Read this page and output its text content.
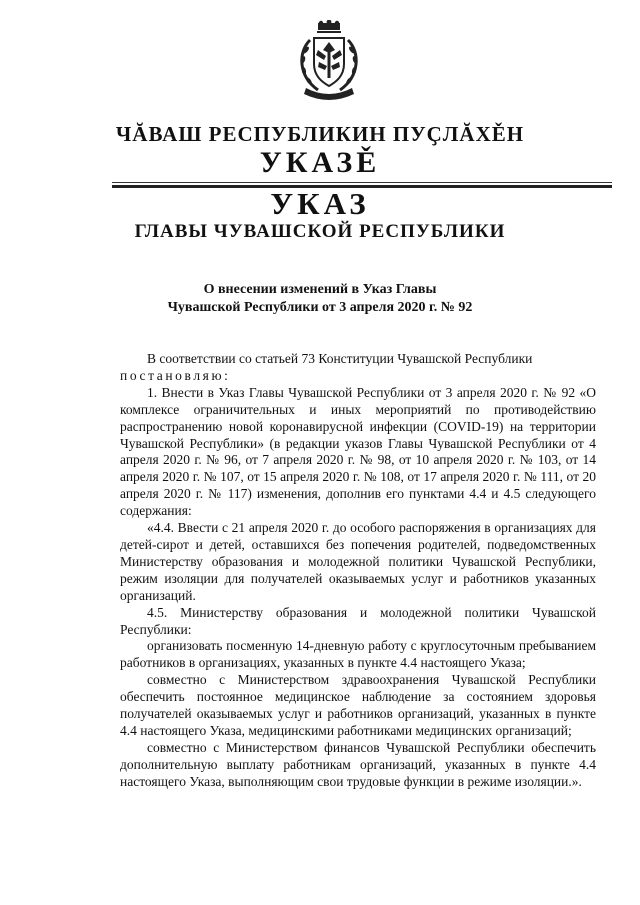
ЧĂВАШ РЕСПУБЛИКИН ПУҪЛĂХĚН
УКАЗĚ
УКАЗ
ГЛАВЫ ЧУВАШСКОЙ РЕСПУБЛИКИ
О внесении изменений в Указ Главы
Чувашской Республики от 3 апреля 2020 г. № 92

В соответствии со статьей 73 Конституции Чувашской Республики

постановляю:

1. Внести в Указ Главы Чувашской Республики от 3 апреля 2020 г. № 92 «О комплексе ограничительных и иных мероприятий по противодействию распространению новой коронавирусной инфекции (COVID-19) на территории Чувашской Республики» (в редакции указов Главы Чувашской Республики от 4 апреля 2020 г. № 96, от 7 апреля 2020 г. № 98, от 10 апреля 2020 г. № 103, от 14 апреля 2020 г. № 107, от 15 апреля 2020 г. № 108, от 17 апреля 2020 г. № 111, от 20 апреля 2020 г. № 117) изменения, дополнив его пунктами 4.4 и 4.5 следующего содержания:

«4.4. Ввести с 21 апреля 2020 г. до особого распоряжения в организациях для детей-сирот и детей, оставшихся без попечения родителей, подведомственных Министерству образования и молодежной политики Чувашской Республики, режим изоляции для получателей оказываемых услуг и работников указанных организаций.

4.5. Министерству образования и молодежной политики Чувашской Республики:

организовать посменную 14-дневную работу с круглосуточным пребыванием работников в организациях, указанных в пункте 4.4 настоящего Указа;

совместно с Министерством здравоохранения Чувашской Республики обеспечить постоянное медицинское наблюдение за состоянием здоровья получателей оказываемых услуг и работников организаций, указанных в пункте 4.4 настоящего Указа, медицинскими работниками медицинских организаций;

совместно с Министерством финансов Чувашской Республики обеспечить дополнительную выплату работникам организаций, указанных в пункте 4.4 настоящего Указа, выполняющим свои трудовые функции в режиме изоляции.».
